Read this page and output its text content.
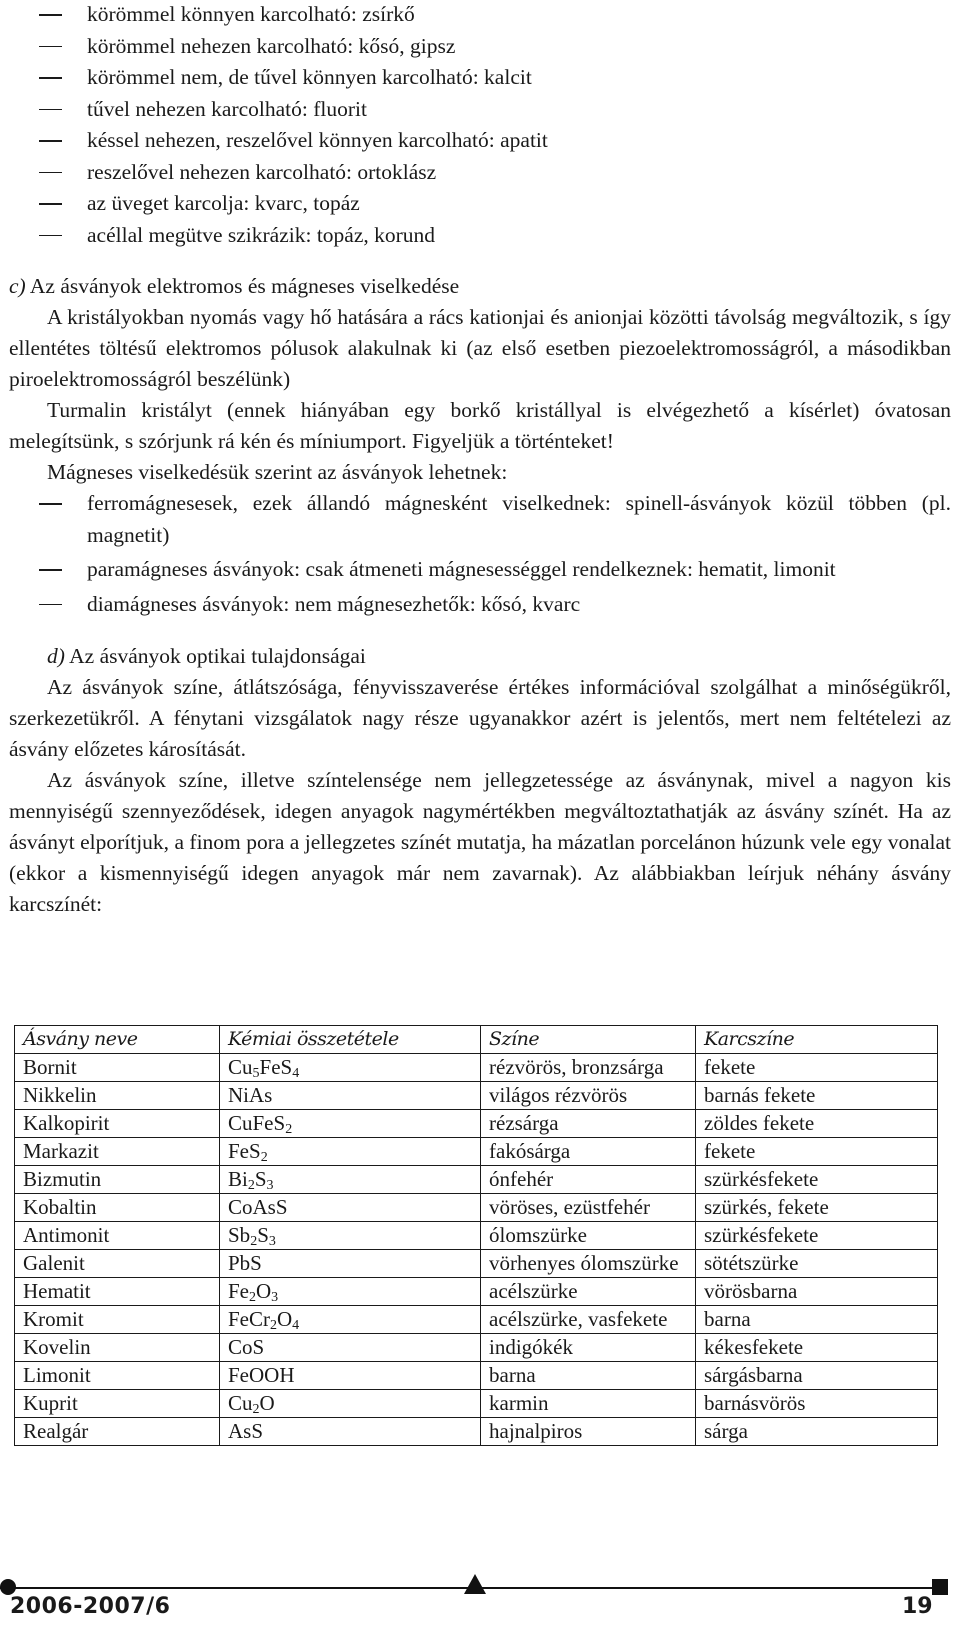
körömmel könnyen karcolható: zsírkő
körömmel nehezen karcolható: kősó, gipsz
körömmel nem, de tűvel könnyen karcolható: kalcit
tűvel nehezen karcolható: fluorit
késsel nehezen, reszelővel könnyen karcolható: apatit
reszelővel nehezen karcolható: ortoklász
az üveget karcolja: kvarc, topáz
acéllal megütve szikrázik: topáz, korund
c) Az ásványok elektromos és mágneses viselkedése
A kristályokban nyomás vagy hő hatására a rács kationjai és anionjai közötti távolság megváltozik, s így ellentétes töltésű elektromos pólusok alakulnak ki (az első esetben piezoelektromosságról, a másodikban piroelektromosságról beszélünk)
Turmalin kristályt (ennek hiányában egy borkő kristállyal is elvégezhető a kísérlet) óvatosan melegítsünk, s szórjunk rá kén és míniumport. Figyeljük a történteket!
Mágneses viselkedésük szerint az ásványok lehetnek:
ferromágnesesek, ezek állandó mágnesként viselkednek: spinell-ásványok közül többen (pl. magnetit)
paramágneses ásványok: csak átmeneti mágnesességgel rendelkeznek: hematit, limonit
diamágneses ásványok: nem mágnesezhetők: kősó, kvarc
d) Az ásványok optikai tulajdonságai
Az ásványok színe, átlátszósága, fényvisszaverése értékes információval szolgálhat a minőségükről, szerkezetükről. A fénytani vizsgálatok nagy része ugyanakkor azért is jelentős, mert nem feltételezi az ásvány előzetes károsítását.
Az ásványok színe, illetve színtelensége nem jellegzetessége az ásványnak, mivel a nagyon kis mennyiségű szennyeződések, idegen anyagok nagymértékben megváltoztathatják az ásvány színét. Ha az ásványt elporítjuk, a finom pora a jellegzetes színét mutatja, ha mázatlan porcelánon húzunk vele egy vonalat (ekkor a kismennyiségű idegen anyagok már nem zavarnak). Az alábbiakban leírjuk néhány ásvány karcszínét:
Ásvány neve	Kémiai összetétele	Színe	Karcszíne
Bornit	$Cu_5FeS_4$	rézvörös, bronzsárga	fekete
Nikkelin	NiAs	világos rézvörös	barnás fekete
Kalkopirit	CuFeS$_2$	rézsárga	zöldes fekete
Markazit	FeS$_2$	fakósárga	fekete
Bizmutin	$Bi_2S_3$	ónfehér	szürkésfekete
Kobaltin	CoAsS	vöröses, ezüstfehér	szürkés, fekete
Antimonit	$Sb_2S_3$	ólomszürke	szürkésfekete
Galenit	PbS	vörhenyes ólomszürke	sötétszürke
Hematit	$Fe_2O_3$	acélszürke	vörösbarna
Kromit	$FeCr_2O_4$	acélszürke, vasfekete	barna
Kovelin	CoS	indigókék	kékesfekete
Limonit	FeOOH	barna	sárgásbarna
Kuprit	$Cu_2O$	karmin	barnásvörös
Realgár	AsS	hajnalpiros	sárga
2006-2007/6	19
